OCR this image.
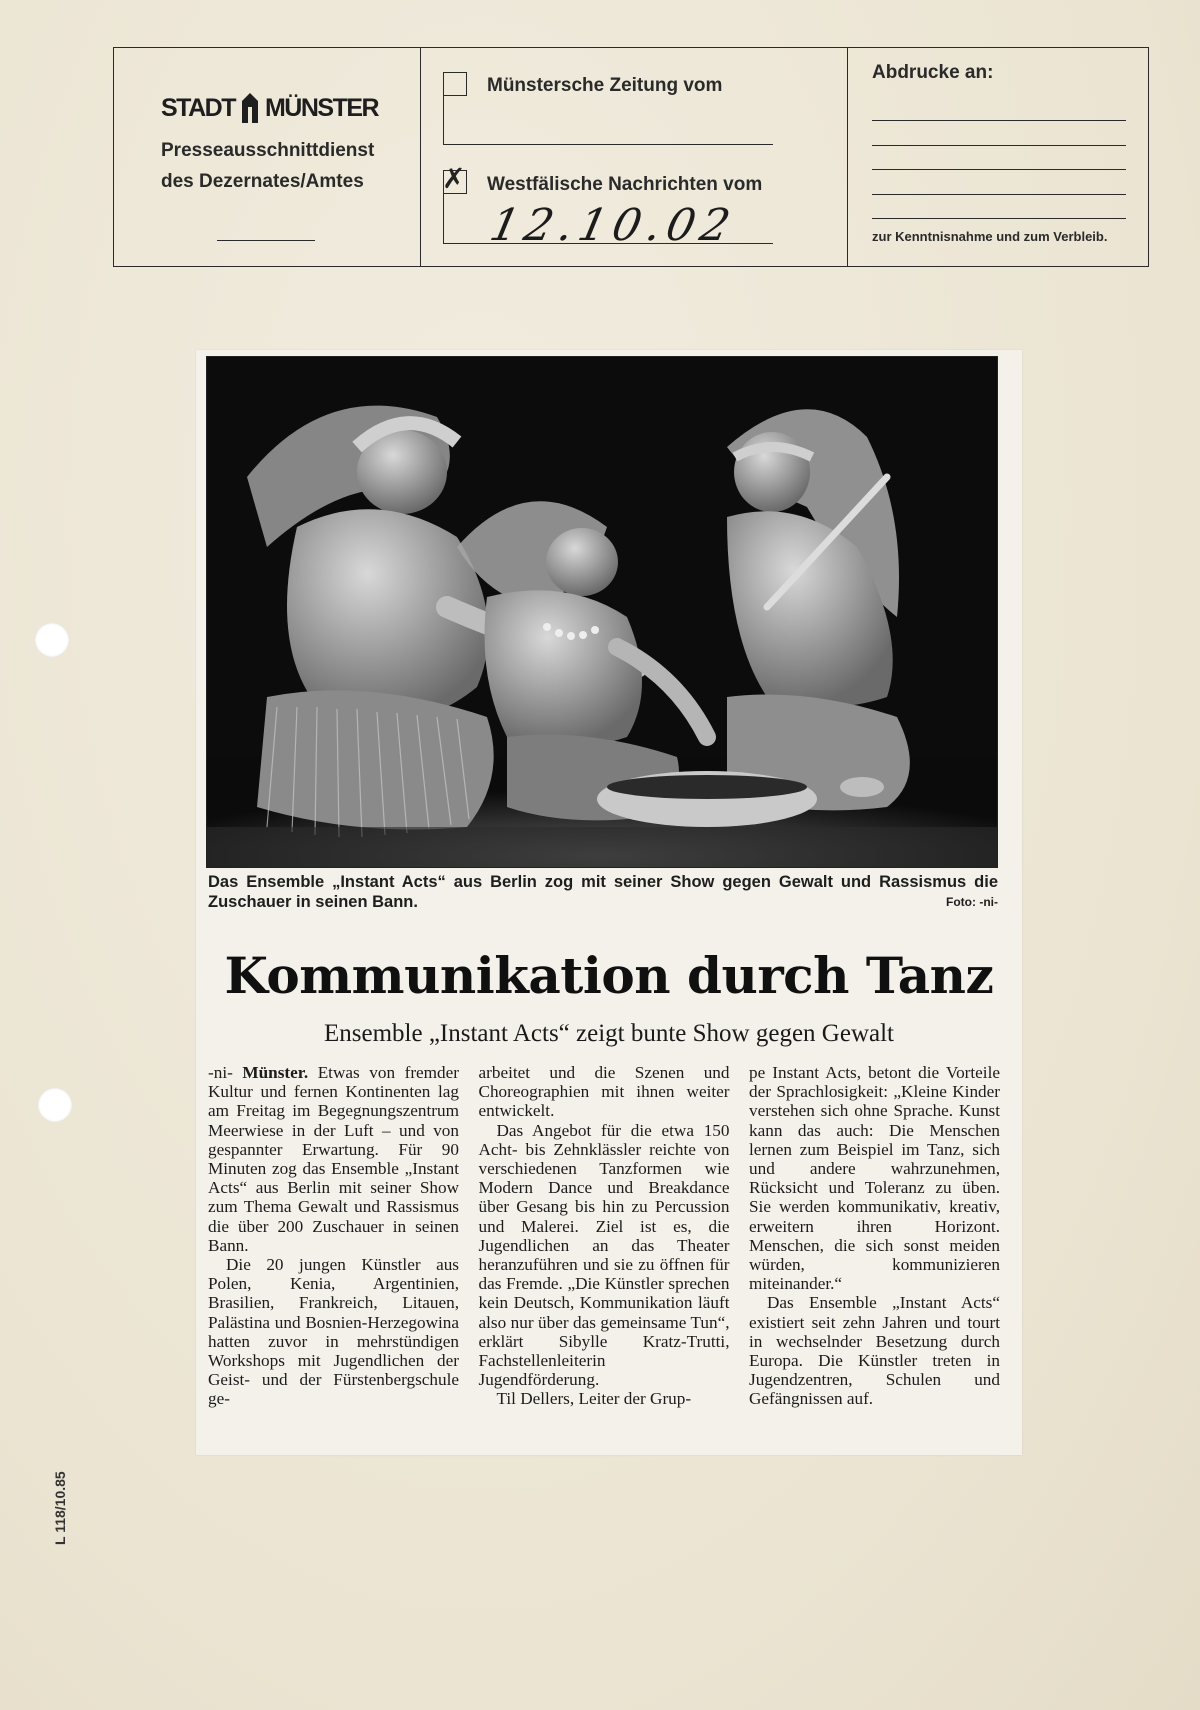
STADT MÜNSTER
Presseausschnittdienst
des Dezernates/Amtes
Münstersche Zeitung vom
✗ Westfälische Nachrichten vom
12.10.02
Abdrucke an:
zur Kenntnisnahme und zum Verbleib.
Das Ensemble „Instant Acts“ aus Berlin zog mit seiner Show gegen Gewalt und Rassismus die Zuschauer in seinen Bann.	Foto: -ni-
Kommunikation durch Tanz
Ensemble „Instant Acts“ zeigt bunte Show gegen Gewalt

-ni- Münster. Etwas von fremder Kultur und fernen Kontinenten lag am Freitag im Begegnungszentrum Meerwiese in der Luft – und von gespannter Erwartung. Für 90 Minuten zog das Ensemble „Instant Acts“ aus Berlin mit seiner Show zum Thema Gewalt und Rassismus die über 200 Zuschauer in seinen Bann.

Die 20 jungen Künstler aus Polen, Kenia, Argentinien, Brasilien, Frankreich, Litauen, Palästina und Bosnien-Herzegowina hatten zuvor in mehrstündigen Workshops mit Jugendlichen der Geist- und der Fürstenbergschule ge-

arbeitet und die Szenen und Choreographien mit ihnen weiter entwickelt.

Das Angebot für die etwa 150 Acht- bis Zehnklässler reichte von verschiedenen Tanzformen wie Modern Dance und Breakdance über Gesang bis hin zu Percussion und Malerei. Ziel ist es, die Jugendlichen an das Theater heranzuführen und sie zu öffnen für das Fremde. „Die Künstler sprechen kein Deutsch, Kommunikation läuft also nur über das gemeinsame Tun“, erklärt Sibylle Kratz-Trutti, Fachstellenleiterin Jugendförderung.

Til Dellers, Leiter der Grup-

pe Instant Acts, betont die Vorteile der Sprachlosigkeit: „Kleine Kinder verstehen sich ohne Sprache. Kunst kann das auch: Die Menschen lernen zum Beispiel im Tanz, sich und andere wahrzunehmen, Rücksicht und Toleranz zu üben. Sie werden kommunikativ, kreativ, erweitern ihren Horizont. Menschen, die sich sonst meiden würden, kommunizieren miteinander.“

Das Ensemble „Instant Acts“ existiert seit zehn Jahren und tourt in wechselnder Besetzung durch Europa. Die Künstler treten in Jugendzentren, Schulen und Gefängnissen auf.

L 118/10.85
